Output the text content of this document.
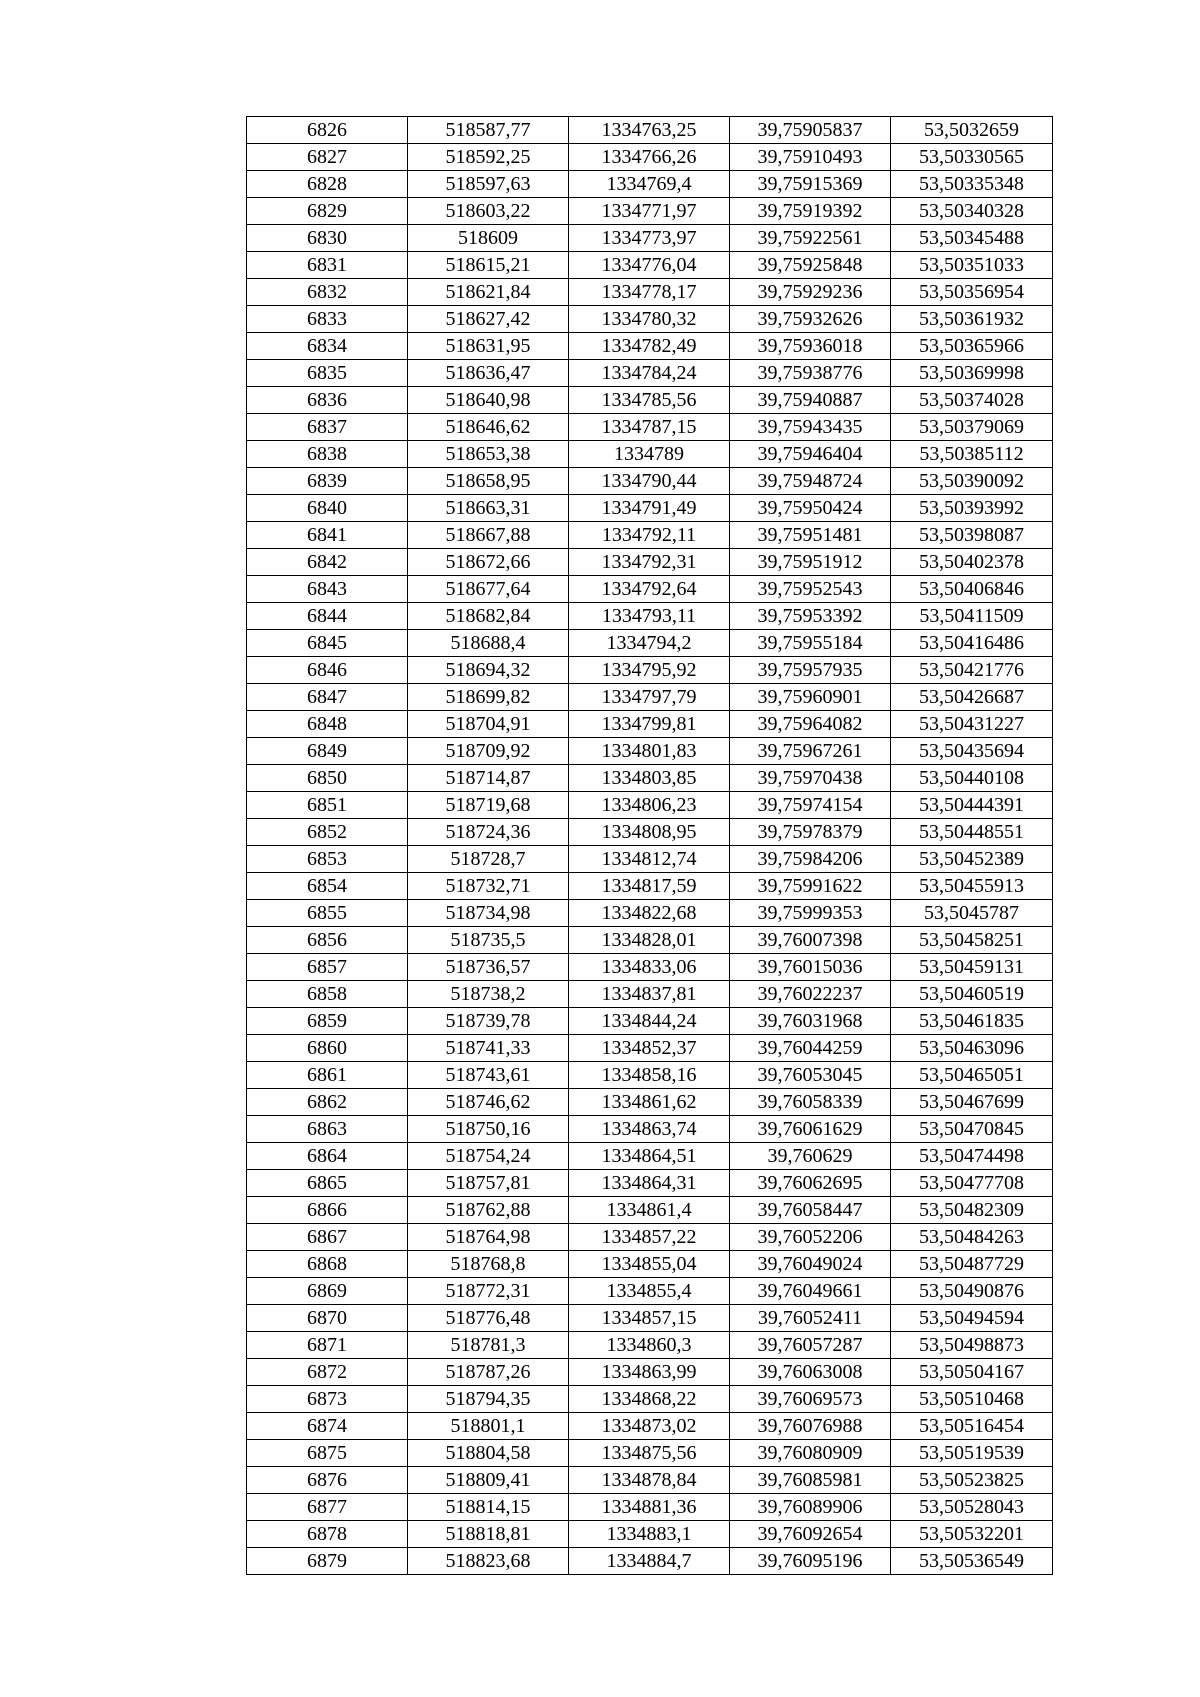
6826	518587,77	1334763,25	39,75905837	53,5032659
6827	518592,25	1334766,26	39,75910493	53,50330565
6828	518597,63	1334769,4	39,75915369	53,50335348
6829	518603,22	1334771,97	39,75919392	53,50340328
6830	518609	1334773,97	39,75922561	53,50345488
6831	518615,21	1334776,04	39,75925848	53,50351033
6832	518621,84	1334778,17	39,75929236	53,50356954
6833	518627,42	1334780,32	39,75932626	53,50361932
6834	518631,95	1334782,49	39,75936018	53,50365966
6835	518636,47	1334784,24	39,75938776	53,50369998
6836	518640,98	1334785,56	39,75940887	53,50374028
6837	518646,62	1334787,15	39,75943435	53,50379069
6838	518653,38	1334789	39,75946404	53,50385112
6839	518658,95	1334790,44	39,75948724	53,50390092
6840	518663,31	1334791,49	39,75950424	53,50393992
6841	518667,88	1334792,11	39,75951481	53,50398087
6842	518672,66	1334792,31	39,75951912	53,50402378
6843	518677,64	1334792,64	39,75952543	53,50406846
6844	518682,84	1334793,11	39,75953392	53,50411509
6845	518688,4	1334794,2	39,75955184	53,50416486
6846	518694,32	1334795,92	39,75957935	53,50421776
6847	518699,82	1334797,79	39,75960901	53,50426687
6848	518704,91	1334799,81	39,75964082	53,50431227
6849	518709,92	1334801,83	39,75967261	53,50435694
6850	518714,87	1334803,85	39,75970438	53,50440108
6851	518719,68	1334806,23	39,75974154	53,50444391
6852	518724,36	1334808,95	39,75978379	53,50448551
6853	518728,7	1334812,74	39,75984206	53,50452389
6854	518732,71	1334817,59	39,75991622	53,50455913
6855	518734,98	1334822,68	39,75999353	53,5045787
6856	518735,5	1334828,01	39,76007398	53,50458251
6857	518736,57	1334833,06	39,76015036	53,50459131
6858	518738,2	1334837,81	39,76022237	53,50460519
6859	518739,78	1334844,24	39,76031968	53,50461835
6860	518741,33	1334852,37	39,76044259	53,50463096
6861	518743,61	1334858,16	39,76053045	53,50465051
6862	518746,62	1334861,62	39,76058339	53,50467699
6863	518750,16	1334863,74	39,76061629	53,50470845
6864	518754,24	1334864,51	39,760629	53,50474498
6865	518757,81	1334864,31	39,76062695	53,50477708
6866	518762,88	1334861,4	39,76058447	53,50482309
6867	518764,98	1334857,22	39,76052206	53,50484263
6868	518768,8	1334855,04	39,76049024	53,50487729
6869	518772,31	1334855,4	39,76049661	53,50490876
6870	518776,48	1334857,15	39,76052411	53,50494594
6871	518781,3	1334860,3	39,76057287	53,50498873
6872	518787,26	1334863,99	39,76063008	53,50504167
6873	518794,35	1334868,22	39,76069573	53,50510468
6874	518801,1	1334873,02	39,76076988	53,50516454
6875	518804,58	1334875,56	39,76080909	53,50519539
6876	518809,41	1334878,84	39,76085981	53,50523825
6877	518814,15	1334881,36	39,76089906	53,50528043
6878	518818,81	1334883,1	39,76092654	53,50532201
6879	518823,68	1334884,7	39,76095196	53,50536549
